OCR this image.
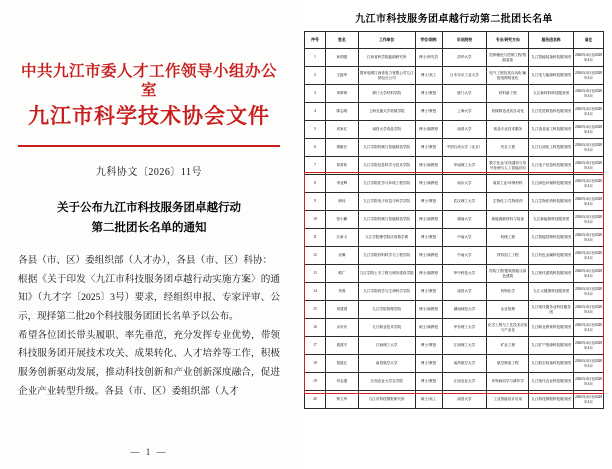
中共九江市委人才工作领导小组办公室
九江市科学技术协会文件
九科协文〔2026〕11号
关于公布九江市科技服务团卓越行动
第二批团长名单的通知

各县（市、区）委组织部（人才办），各县（市、区）科协：

根据《关于印发〈九江市科技服务团卓越行动实施方案〉的通知》（九才字〔2025〕3号）要求，经组织申报、专家评审、公示，现择第二批20个科技服务团团长名单予以公布。

希望各位团长带头履职、率先垂范，充分发挥专业优势，带领科技服务团开展技术攻关、成果转化、人才培养等工作，积极服务创新驱动发展，推动科技创新和产业创新深度融合，促进企业产业转型升级。各县（市、区）委组织部（人才

— 1 —
九江市科技服务团卓越行动第二批团长名单
序号	姓名	工作单位	学位/职称	毕业院校	专业/研究方向	服务团名称	备注
1	孙国强	江西省科学院能源研究所	博士/研究员	清华大学	控制理论与控制工程/智能装备	九江智能装备科技服务团	2026年4月至2028年4月
2	王振华	国家电网江西省电力有限公司九江供电分公司	博士/高工	日本东京工业大学	电气工程及其自动化/输配电网络优化	九江电力能源科技服务团	2026年4月至2028年4月
3	李梦琦	厦门大学材料学院	博士/教授	厦门大学	材料新工程	九江新材料科技服务团	2026年4月至2028年4月
4	陈志明	上海交通大学机械学院	博士/教授	上海大学	机械制造及其自动化	九江先进制造科技服务团	2026年4月至2028年4月
5	邓家红	南昌大学食品学院	博士/副教授	南昌大学	食品专业技术服务	九江食品加工科技服务团	2026年4月至2028年4月
6	胡敏长	九江学院机械与智能制造学院	博士/教授	中国石油大学（北京）	安全工程	九江石油化工科技服务团	2026年4月至2028年4月
7	易青松	九江学院信息科学与技术学院	博士/副教授	华南理工大学	数字化业/无线通信与信号处理与人工智能应用	九江电子信息科技服务团	2026年4月至2028年4月
8	李亚辉	九江学院化学与环境工程学院	博士/副教授	南京大学	周质工业/环保材料	九江绿色环保科技服务团	2026年4月至2028年4月
9	颜伟	九江学院电子信息与科学学院	博士/教授	武汉理工大学	生物化工/生物医药	九江生物医药科技服务团	2026年4月至2028年4月
10	张小鹏	九江学院机械与智能制造学院	博士/副教授	湖南大学	新能源新材料与装备	九江新能源科技服务团	2026年4月至2028年4月
11	江承义	九江学院理学院应用数学系	博士/教授	中南大学	机械工程	九江智能控制科技服务团	2026年4月至2028年4月
12	吴琳	九江学院材料科学与工程学院	博士/副教授	中南大学	材料加工工程	九江有色金属科技服务团	2026年4月至2028年4月
13	熊广	九江学院土木工程与城市建设学院	博士/副教授	华中科技大学	结构工程/建筑智能与绿色建筑	九江现代建筑科技服务团	2026年4月至2028年4月
14	李燕	九江学院药学与生命科学学院	博士/教授	南昌大学	药物化学	九江大健康科技服务团	2026年4月至2028年4月
15	刘建国	九江学院管理学院	博士/副教授	湖南师范大学	企业管理	九江现代服务业科技服务团	2026年4月至2028年4月
16	余安东	九江职业技术学院	硕士/副教授	华东理工大学	化学工程与工艺技术应用与产业化	九江职业教育科技服务团	2026年4月至2028年4月
17	周建平	江西理工大学	博士/教授	江西理工大学	矿业工程	九江矿产资源科技服务团	2026年4月至2028年4月
18	曾凯红	南昌航空大学	博士/教授	南昌航空大学	航空制造工程	九江航空装备科技服务团	2026年4月至2028年4月
19	肖志强	江西农业大学农学院	博士/教授	江西农业大学	作物栽培学与耕作学	九江现代农业科技服务团	2026年4月至2028年4月
20	钟文华	九江市科技情报研究所	硕士/高工	南昌大学	工业智能设计应用	九江科技情报科技服务团	2026年4月至2028年4月
